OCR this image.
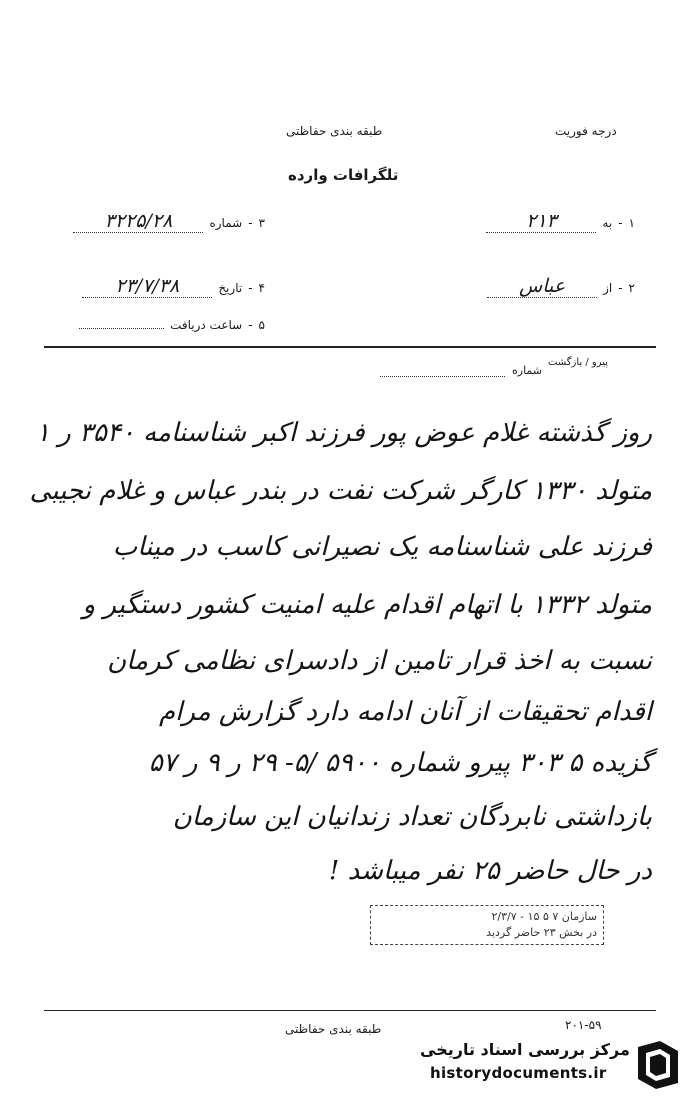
درجه فوریت
طبقه بندی حفاظتی
تلگرافات وارده
۱
-
به
۲۱۳
۲
-
از
عباس
۳
-
شماره
۳۲۲۵/۲۸
۴
-
تاریخ
۲۳/۷/۳۸
۵
-
ساعت دریافت
پیرو / بازگشت
شماره
روز گذشته غلام عوض پور فرزند اکبر شناسنامه ۳۵۴۰ ر ۱
متولد ۱۳۳۰ کارگر شرکت نفت در بندر عباس و غلام نجیبی
فرزند علی شناسنامه یک نصیرانی کاسب در میناب
متولد ۱۳۳۲ با اتهام اقدام علیه امنیت کشور دستگیر و
نسبت به اخذ قرار تامین از دادسرای نظامی کرمان
اقدام تحقیقات از آنان ادامه دارد گزارش مرام
گزیده ۵ ۳۰۳ پیرو شماره ۵۹۰۰ /۵- ۲۹ ر ۹ ر ۵۷
بازداشتی نابردگان تعداد زندانیان این سازمان
در حال حاضر ۲۵ نفر میباشد !
سازمان ۷ ۵ ۱۵ - ۲/۳/۷
در بخش ۲۳ حاضر گردید
طبقه بندی حفاظتی	۲۰۱-۵۹
مرکز بررسی اسناد تاریخی
historydocuments.ir
